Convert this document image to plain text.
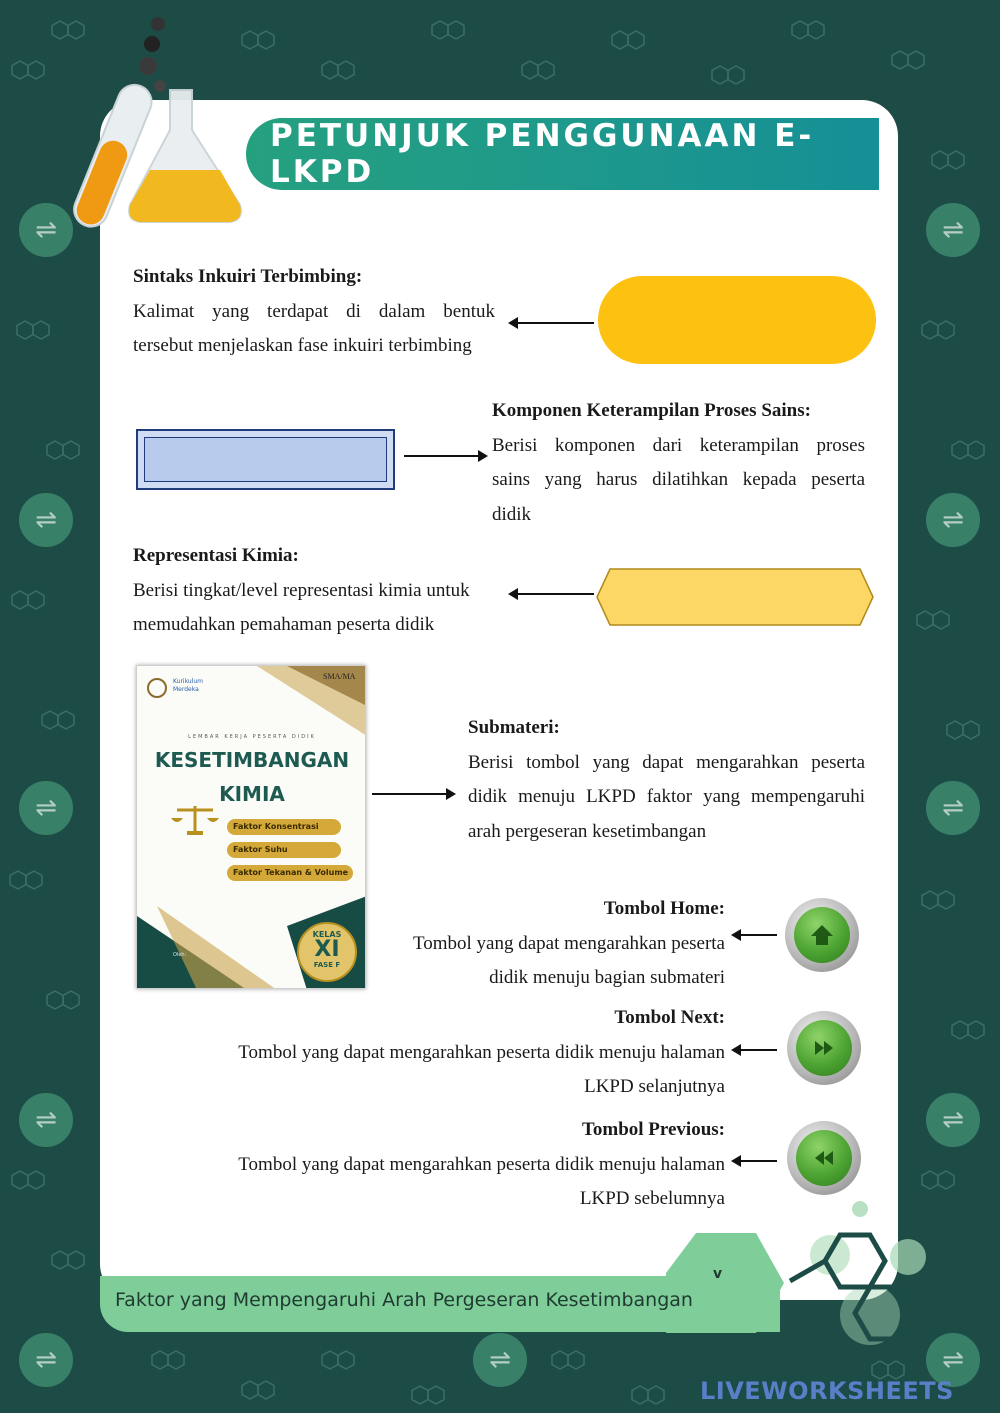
⇌
⇌
⇌
⇌
⇌
⇌
⇌
⇌
⇌
⇌
⇌
PETUNJUK PENGGUNAAN E-LKPD
Sintaks Inkuiri Terbimbing:
Kalimat yang terdapat di dalam bentuk
tersebut menjelaskan fase inkuiri terbimbing
Komponen Keterampilan Proses Sains:
Berisi komponen dari keterampilan proses
sains yang harus dilatihkan kepada peserta
didik
Representasi Kimia:
Berisi tingkat/level representasi kimia untuk
memudahkan pemahaman peserta didik
Kurikulum Merdeka
SMA/MA
LEMBAR KERJA PESERTA DIDIK
KESETIMBANGAN
KIMIA
Faktor Konsentrasi
Faktor Suhu
Faktor Tekanan & Volume
KELAS
XI
FASE F
Oleh:
Submateri:
Berisi tombol yang dapat mengarahkan peserta
didik menuju LKPD faktor yang mempengaruhi
arah pergeseran kesetimbangan
Tombol Home:
Tombol yang dapat mengarahkan peserta
didik menuju bagian submateri
Tombol Next:
Tombol yang dapat mengarahkan peserta didik menuju halaman
LKPD selanjutnya
Tombol Previous:
Tombol yang dapat mengarahkan peserta didik menuju halaman
LKPD sebelumnya
Faktor yang Mempengaruhi Arah Pergeseran Kesetimbangan
v
LIVEWORKSHEETS
